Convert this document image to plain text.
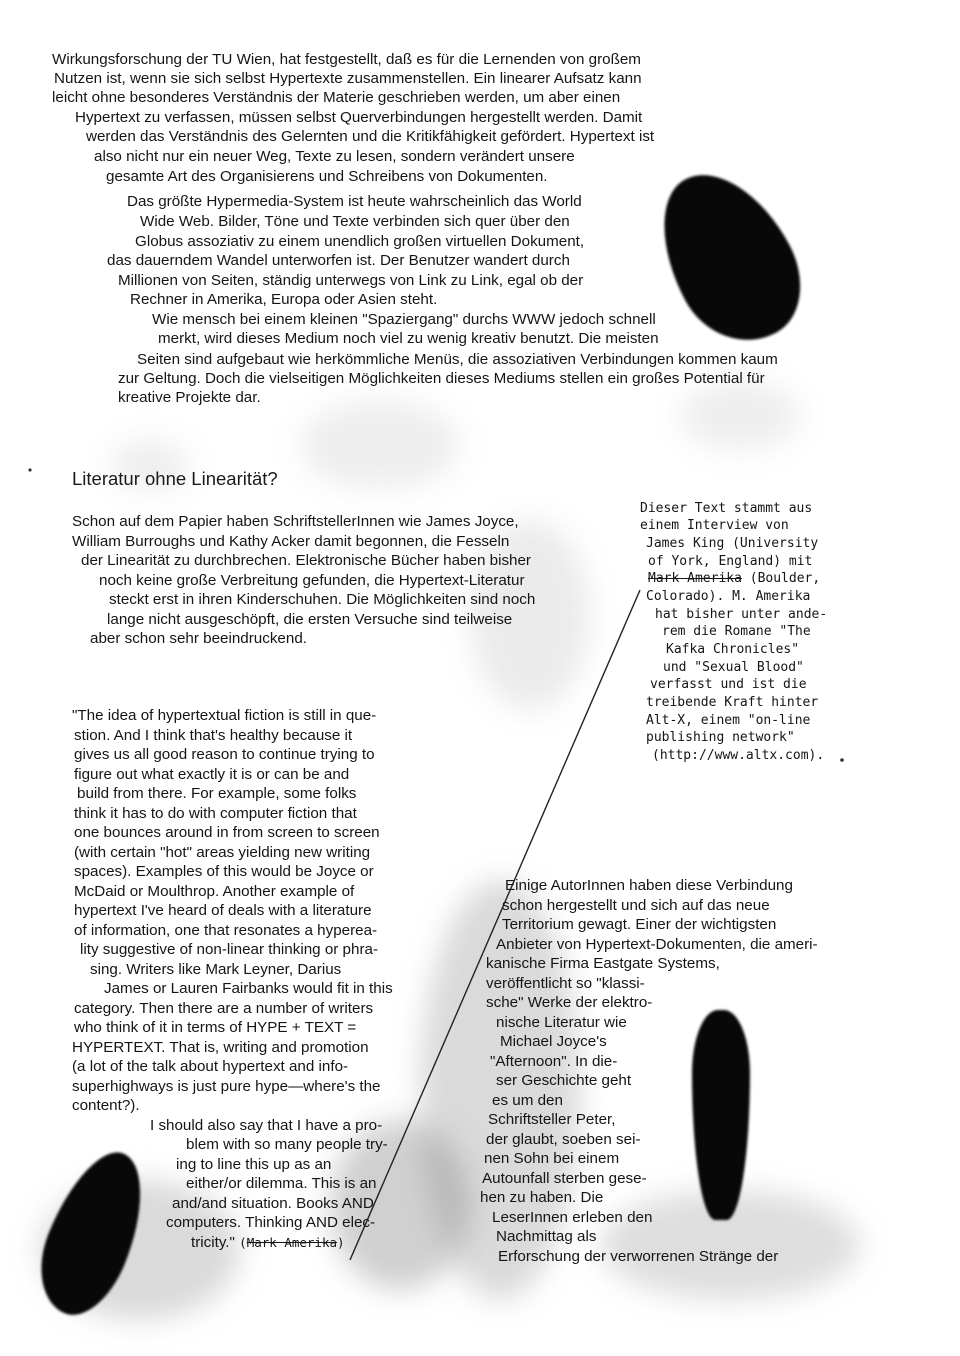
Wirkungsforschung der TU Wien, hat festgestellt, daß es für die Lernenden von großem
Nutzen ist, wenn sie sich selbst Hypertexte zusammenstellen. Ein linearer Aufsatz kann
leicht ohne besonderes Verständnis der Materie geschrieben werden, um aber einen
Hypertext zu verfassen, müssen selbst Querverbindungen hergestellt werden. Damit
werden das Verständnis des Gelernten und die Kritikfähigkeit gefördert. Hypertext ist
also nicht nur ein neuer Weg, Texte zu lesen, sondern verändert unsere
gesamte Art des Organisierens und Schreibens von Dokumenten.
Das größte Hypermedia-System ist heute wahrscheinlich das World
Wide Web. Bilder, Töne und Texte verbinden sich quer über den
Globus assoziativ zu einem unendlich großen virtuellen Dokument,
das dauerndem Wandel unterworfen ist. Der Benutzer wandert durch
Millionen von Seiten, ständig unterwegs von Link zu Link, egal ob der
Rechner in Amerika, Europa oder Asien steht.
Wie mensch bei einem kleinen "Spaziergang" durchs WWW jedoch schnell
merkt, wird dieses Medium noch viel zu wenig kreativ benutzt. Die meisten
Seiten sind aufgebaut wie herkömmliche Menüs, die assoziativen Verbindungen kommen kaum
zur Geltung. Doch die vielseitigen Möglichkeiten dieses Mediums stellen ein großes Potential für
kreative Projekte dar.
Literatur ohne Linearität?
Schon auf dem Papier haben SchriftstellerInnen wie James Joyce,
William Burroughs und Kathy Acker damit begonnen, die Fesseln
der Linearität zu durchbrechen. Elektronische Bücher haben bisher
noch keine große Verbreitung gefunden, die Hypertext-Literatur
steckt erst in ihren Kinderschuhen. Die Möglichkeiten sind noch
lange nicht ausgeschöpft, die ersten Versuche sind teilweise
aber schon sehr beeindruckend.
Dieser Text stammt aus
einem Interview von
James King (University
of York, England) mit
Mark Amerika (Boulder,
Colorado). M. Amerika
hat bisher unter ande-
rem die Romane "The
Kafka Chronicles"
und "Sexual Blood"
verfasst und ist die
treibende Kraft hinter
Alt-X, einem "on-line
publishing network"
(http://www.altx.com).
"The idea of hypertextual fiction is still in que-
stion. And I think that's healthy because it
gives us all good reason to continue trying to
figure out what exactly it is or can be and
build from there. For example, some folks
think it has to do with computer fiction that
one bounces around in from screen to screen
(with certain "hot" areas yielding new writing
spaces). Examples of this would be Joyce or
McDaid or Moulthrop. Another example of
hypertext I've heard of deals with a literature
of information, one that resonates a hyperea-
lity suggestive of non-linear thinking or phra-
sing. Writers like Mark Leyner, Darius
James or Lauren Fairbanks would fit in this
category. Then there are a number of writers
who think of it in terms of HYPE + TEXT =
HYPERTEXT. That is, writing and promotion
(a lot of the talk about hypertext and info-
superhighways is just pure hype—where's the
content?).
I should also say that I have a pro-
blem with so many people try-
ing to line this up as an
either/or dilemma. This is an
and/and situation. Books AND
computers. Thinking AND elec-
tricity." (Mark Amerika)
Einige AutorInnen haben diese Verbindung
schon hergestellt und sich auf das neue
Territorium gewagt. Einer der wichtigsten
Anbieter von Hypertext-Dokumenten, die ameri-
kanische Firma Eastgate Systems,
veröffentlicht so "klassi-
sche" Werke der elektro-
nische Literatur wie
Michael Joyce's
"Afternoon". In die-
ser Geschichte geht
es um den
Schriftsteller Peter,
der glaubt, soeben sei-
nen Sohn bei einem
Autounfall sterben gese-
hen zu haben. Die
LeserInnen erleben den
Nachmittag als
Erforschung der verworrenen Stränge der
